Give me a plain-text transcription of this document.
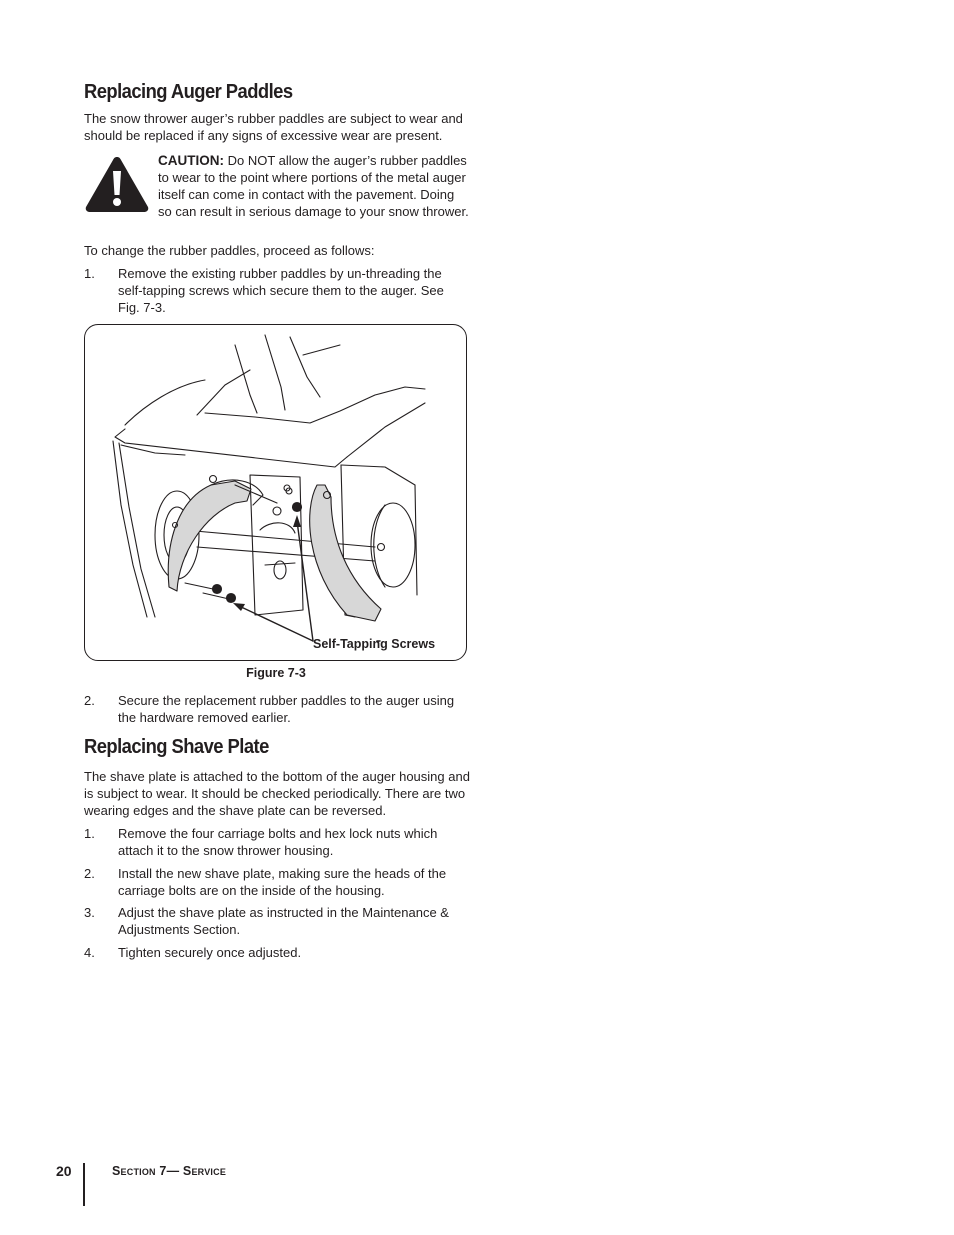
Replacing Auger Paddles

The snow thrower auger’s rubber paddles are subject to wear and should be replaced if any signs of excessive wear are present.

CAUTION: Do NOT allow the auger’s rubber paddles to wear to the point where portions of the metal auger itself can come in contact with the pavement. Doing so can result in serious damage to your snow thrower.

To change the rubber paddles, proceed as follows:

1. Remove the existing rubber paddles by un-threading the self-tapping screws which secure them to the auger. See Fig. 7-3.
Self-Tapping Screws
Figure 7-3
2. Secure the replacement rubber paddles to the auger using the hardware removed earlier.
Replacing Shave Plate

The shave plate is attached to the bottom of the auger housing and is subject to wear. It should be checked periodically. There are two wearing edges and the shave plate can be reversed.

1. Remove the four carriage bolts and hex lock nuts which attach it to the snow thrower housing.
2. Install the new shave plate, making sure the heads of the carriage bolts are on the inside of the housing.
3. Adjust the shave plate as instructed in the Maintenance & Adjustments Section.
4. Tighten securely once adjusted.
20	Section 7— Service
